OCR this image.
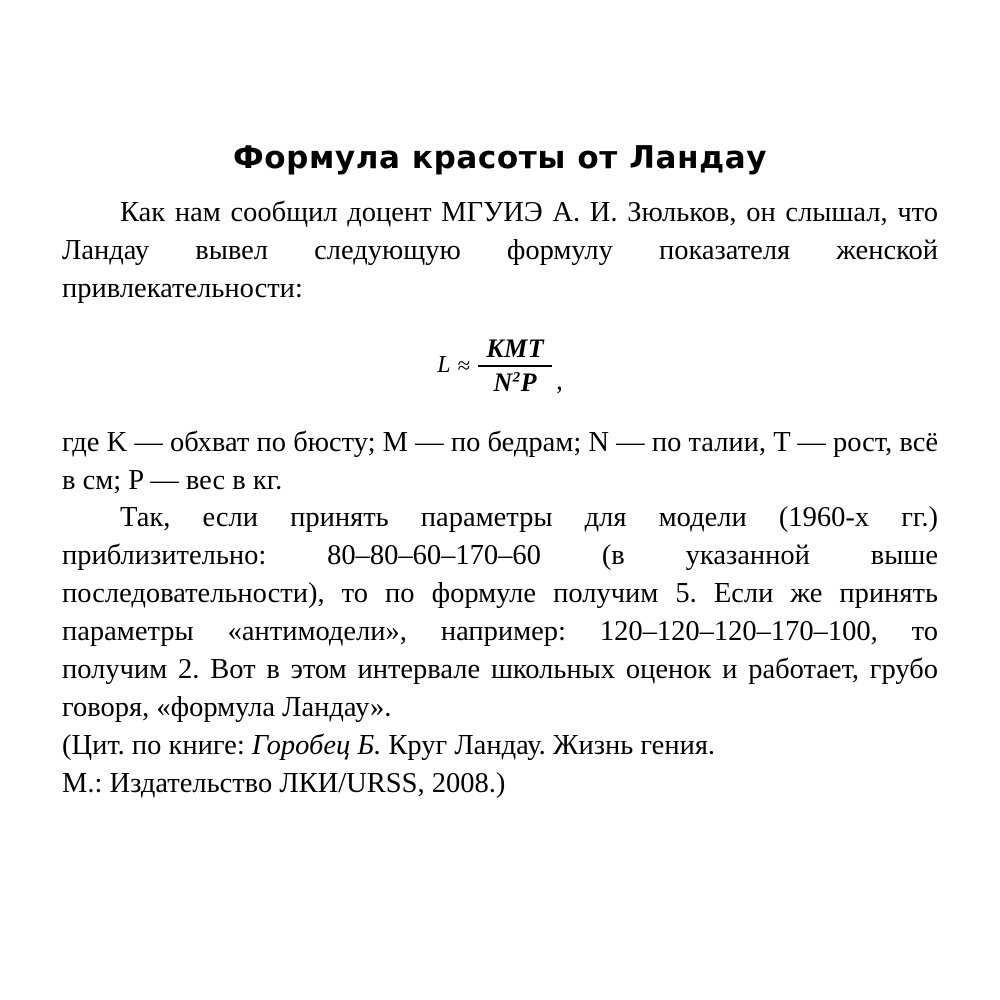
Формула красоты от Ландау

Как нам сообщил доцент МГУИЭ А. И. Зюльков, он слышал, что Ландау вывел следующую формулу показателя женской привлекательности:

$L \approx \frac{\text{KMT}}{N^2P}$ ,

где K — обхват по бюсту; M — по бедрам; N — по талии, T — рост, всё в см; P — вес в кг.

Так, если принять параметры для модели (1960-х гг.) приблизительно: 80–80–60–170–60 (в указанной выше последовательности), то по формуле получим 5. Если же принять параметры «антимодели», например: 120–120–120–170–100, то получим 2. Вот в этом интервале школьных оценок и работает, грубо говоря, «формула Ландау».

(Цит. по книге: Горобец Б. Круг Ландау. Жизнь гения.

М.: Издательство ЛКИ/URSS, 2008.)
